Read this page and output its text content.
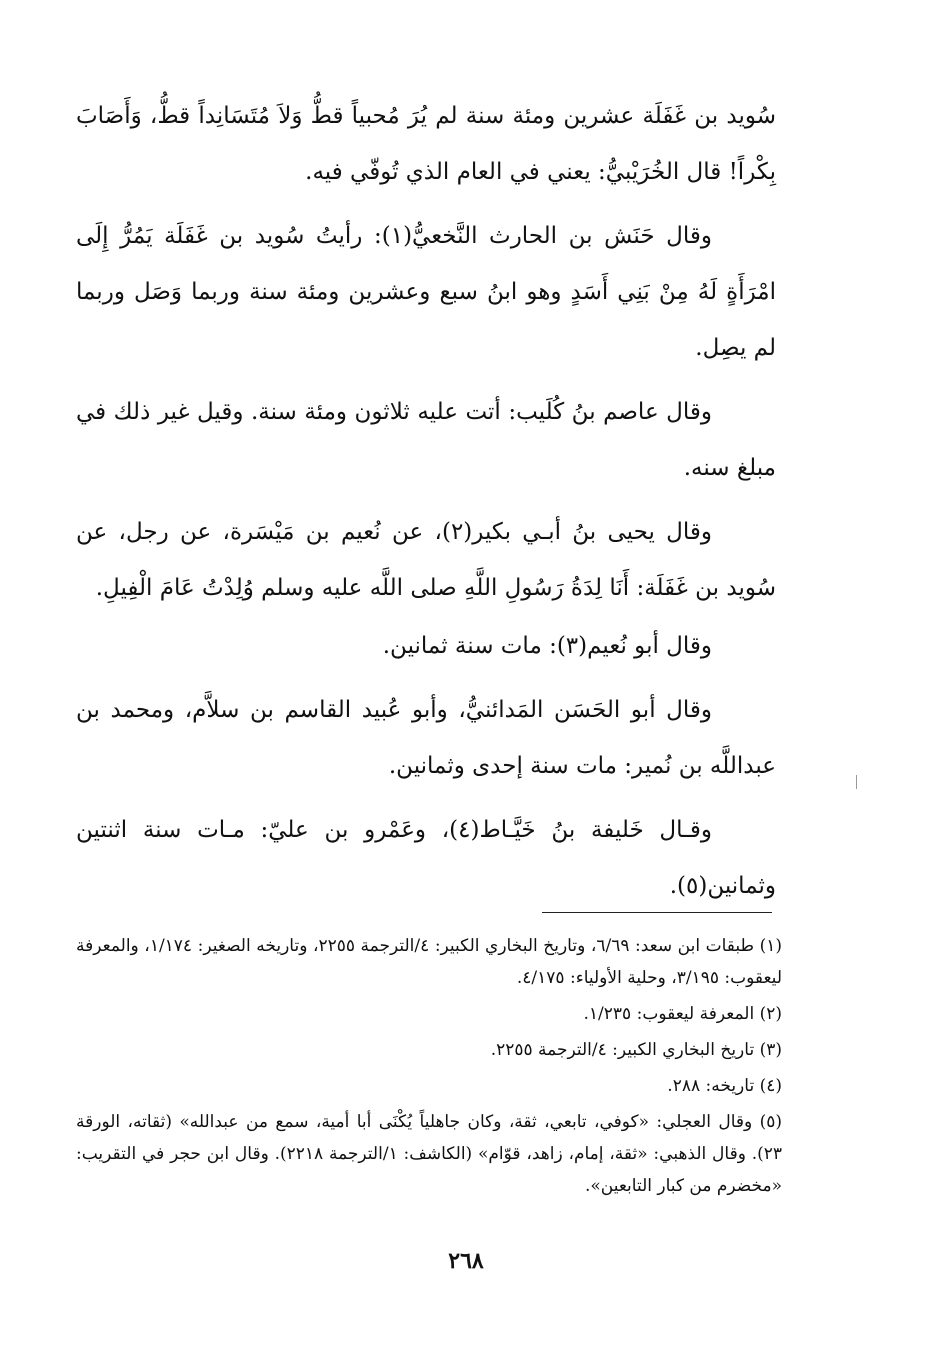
سُويد بن غَفَلَة عشرين ومئة سنة لم يُرَ مُحبياً قطُّ وَلاَ مُتَسَانِداً قطُّ، وَأَصَابَ بِكْراً! قال الخُرَيْبيُّ: يعني في العام الذي تُوفّي فيه.

وقال حَنَش بن الحارث النَّخعيُّ(١): رأيتُ سُويد بن غَفَلَة يَمُرُّ إِلَى امْرَأَةٍ لَهُ مِنْ بَنِي أَسَدٍ وهو ابنُ سبع وعشرين ومئة سنة وربما وَصَل وربما لم يصِل.

وقال عاصم بنُ كُلَيب: أتت عليه ثلاثون ومئة سنة. وقيل غير ذلك في مبلغ سنه.

وقال يحيى بنُ أبـي بكير(٢)، عن نُعيم بن مَيْسَرة، عن رجل، عن سُويد بن غَفَلَة: أَنَا لِدَةُ رَسُولِ اللَّهِ صلى اللَّه عليه وسلم وُلِدْتُ عَامَ الْفِيلِ.

وقال أبو نُعيم(٣): مات سنة ثمانين.

وقال أبو الحَسَن المَدائنيُّ، وأبو عُبيد القاسم بن سلاَّم، ومحمد بن عبداللَّه بن نُمير: مات سنة إحدى وثمانين.

وقـال خَليفة بنُ خَيَّـاط(٤)، وعَمْرو بن عليّ: مـات سنة اثنتين وثمانين(٥).

(١) طبقات ابن سعد: ٦/٦٩، وتاريخ البخاري الكبير: ٤/الترجمة ٢٢٥٥، وتاريخه الصغير: ١/١٧٤، والمعرفة ليعقوب: ٣/١٩٥، وحلية الأولياء: ٤/١٧٥.

(٢) المعرفة ليعقوب: ١/٢٣٥.

(٣) تاريخ البخاري الكبير: ٤/الترجمة ٢٢٥٥.

(٤) تاريخه: ٢٨٨.

(٥) وقال العجلي: «كوفي، تابعي، ثقة، وكان جاهلياً يُكْنَى أبا أمية، سمع من عبدالله» (ثقاته، الورقة ٢٣). وقال الذهبي: «ثقة، إمام، زاهد، قوّام» (الكاشف: ١/الترجمة ٢٢١٨). وقال ابن حجر في التقريب: «مخضرم من كبار التابعين».

٢٦٨
